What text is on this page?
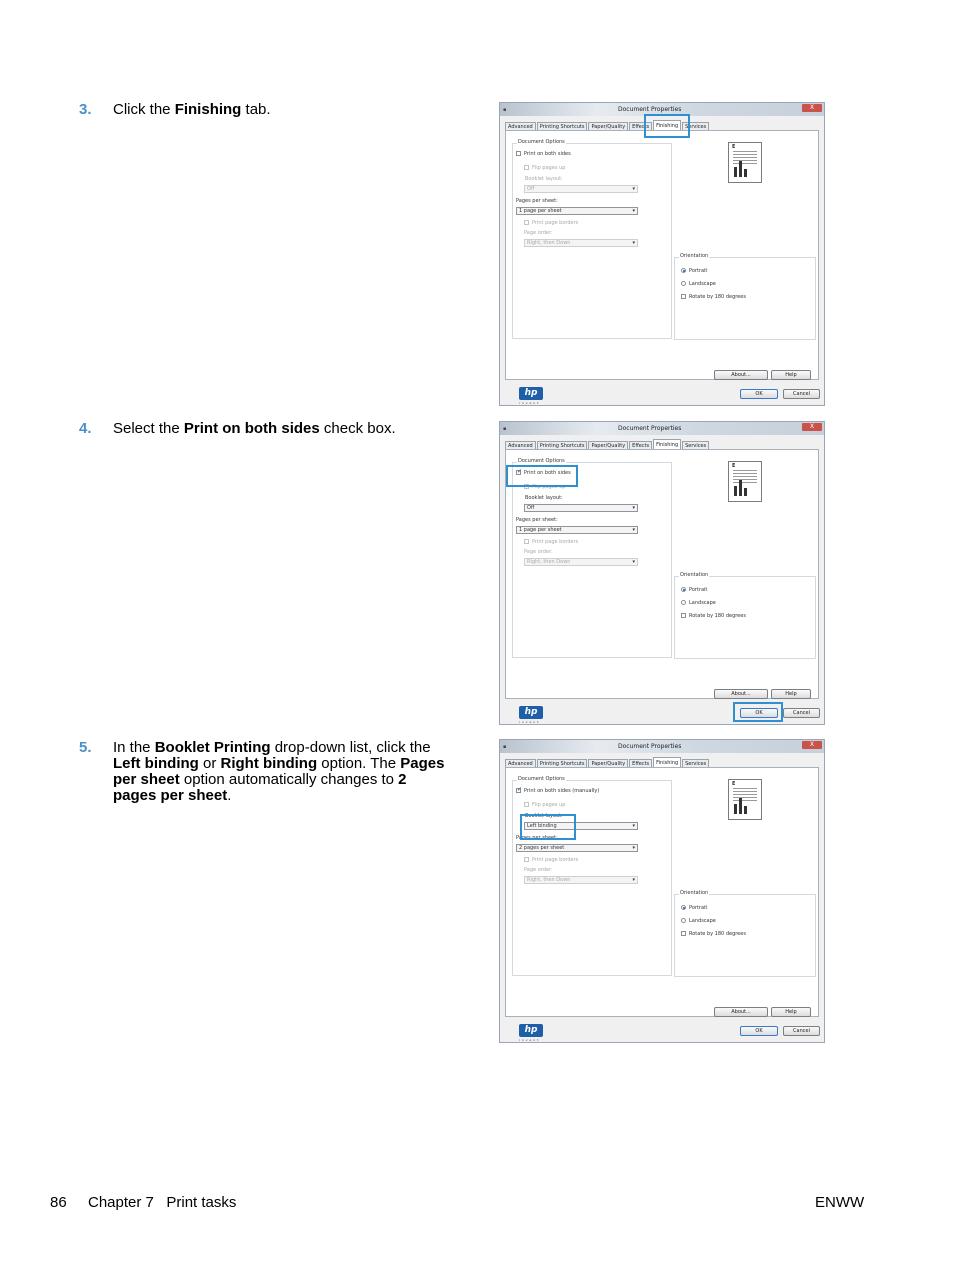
3. Click the Finishing tab.
4. Select the Print on both sides check box.
5. In the Booklet Printing drop-down list, click the Left binding or Right binding option. The Pages per sheet option automatically changes to 2 pages per sheet.
▪	Document Properties	X
Advanced Printing Shortcuts Paper/Quality Effects Finishing Services
Document Options
Print on both sides
Flip pages up
Booklet layout:
Off ▾
Pages per sheet:
1 page per sheet ▾
Print page borders
Page order:
Right, then Down ▾
E
Orientation
Portrait
Landscape
Rotate by 180 degrees
hp
invent
About...	Help
OK	Cancel
▪	Document Properties	X
Advanced Printing Shortcuts Paper/Quality Effects Finishing Services
Document Options
✓
Print on both sides
Flip pages up
Booklet layout:
Off ▾
Pages per sheet:
1 page per sheet ▾
Print page borders
Page order:
Right, then Down ▾
E
Orientation
Portrait
Landscape
Rotate by 180 degrees
hp
invent
About...	Help
OK	Cancel
▪	Document Properties	X
Advanced Printing Shortcuts Paper/Quality Effects Finishing Services
Document Options
✓
Print on both sides (manually)
Flip pages up
Booklet layout:
Left binding ▾
Pages per sheet:
2 pages per sheet ▾
Print page borders
Page order:
Right, then Down ▾
E
Orientation
Portrait
Landscape
Rotate by 180 degrees
hp
invent
About...	Help
OK	Cancel
86 Chapter 7   Print tasks	ENWW
